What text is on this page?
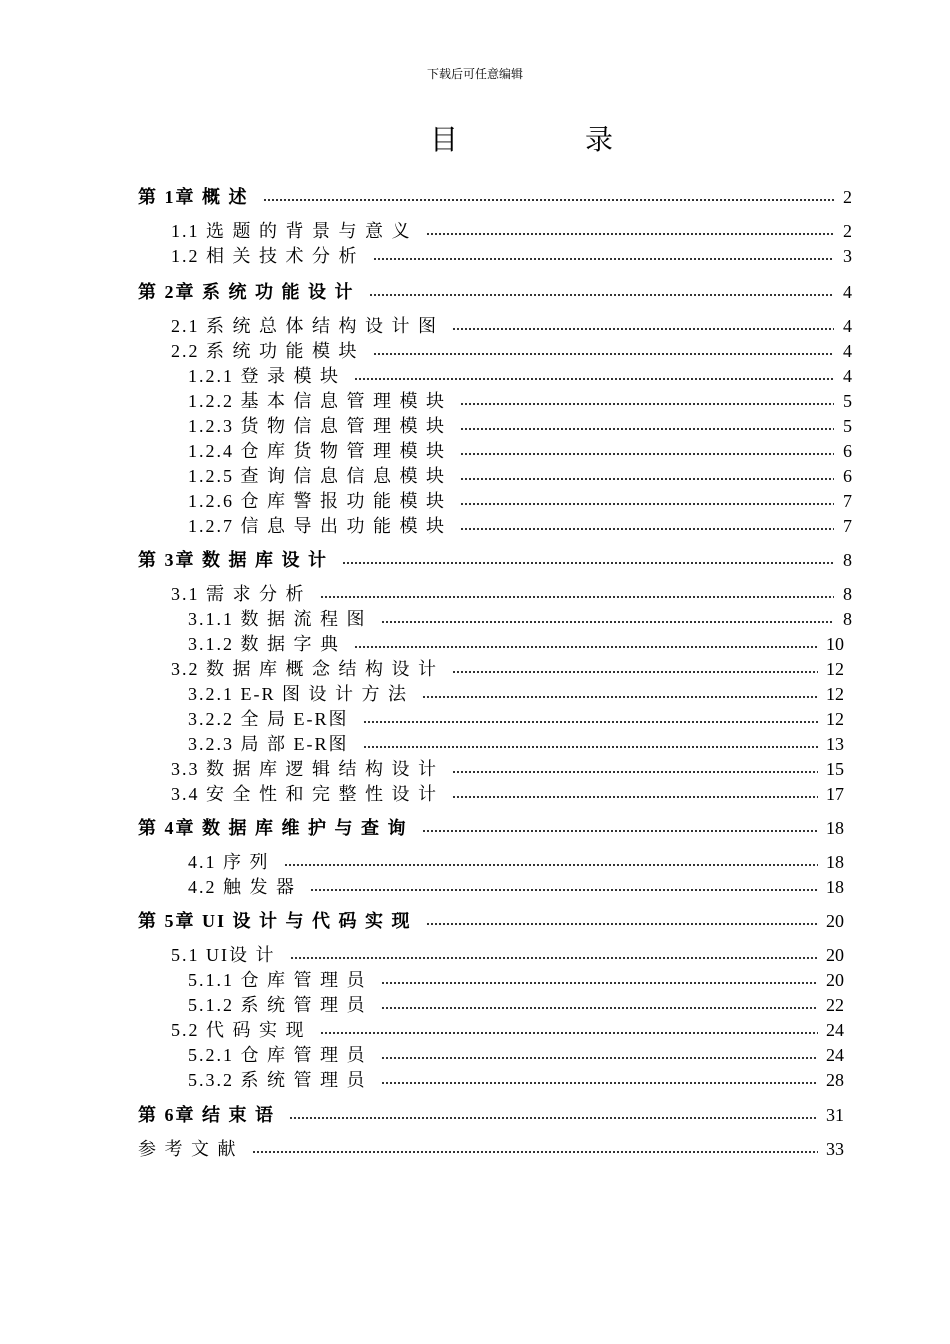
下载后可任意编辑
目 录
第 1章 概 述	2
1.1 选 题 的 背 景 与 意 义	2
1.2 相 关 技 术 分 析	3
第 2章 系 统 功 能 设 计	4
2.1 系 统 总 体 结 构 设 计 图	4
2.2 系 统 功 能 模 块	4
1.2.1 登 录 模 块	4
1.2.2 基 本 信 息 管 理 模 块	5
1.2.3 货 物 信 息 管 理 模 块	5
1.2.4 仓 库 货 物 管 理 模 块	6
1.2.5 查 询 信 息 信 息 模 块	6
1.2.6 仓 库 警 报 功 能 模 块	7
1.2.7 信 息 导 出 功 能 模 块	7
第 3章 数 据 库 设 计	8
3.1 需 求 分 析	8
3.1.1 数 据 流 程 图	8
3.1.2 数 据 字 典	10
3.2 数 据 库 概 念 结 构 设 计	12
3.2.1 E-R 图 设 计 方 法	12
3.2.2 全 局 E-R图	12
3.2.3 局 部 E-R图	13
3.3 数 据 库 逻 辑 结 构 设 计	15
3.4 安 全 性 和 完 整 性 设 计	17
第 4章 数 据 库 维 护 与 查 询	18
4.1 序 列	18
4.2 触 发 器	18
第 5章 UI 设 计 与 代 码 实 现	20
5.1 UI设 计	20
5.1.1 仓 库 管 理 员	20
5.1.2 系 统 管 理 员	22
5.2 代 码 实 现	24
5.2.1 仓 库 管 理 员	24
5.3.2 系 统 管 理 员	28
第 6章 结 束 语	31
参 考 文 献	33
